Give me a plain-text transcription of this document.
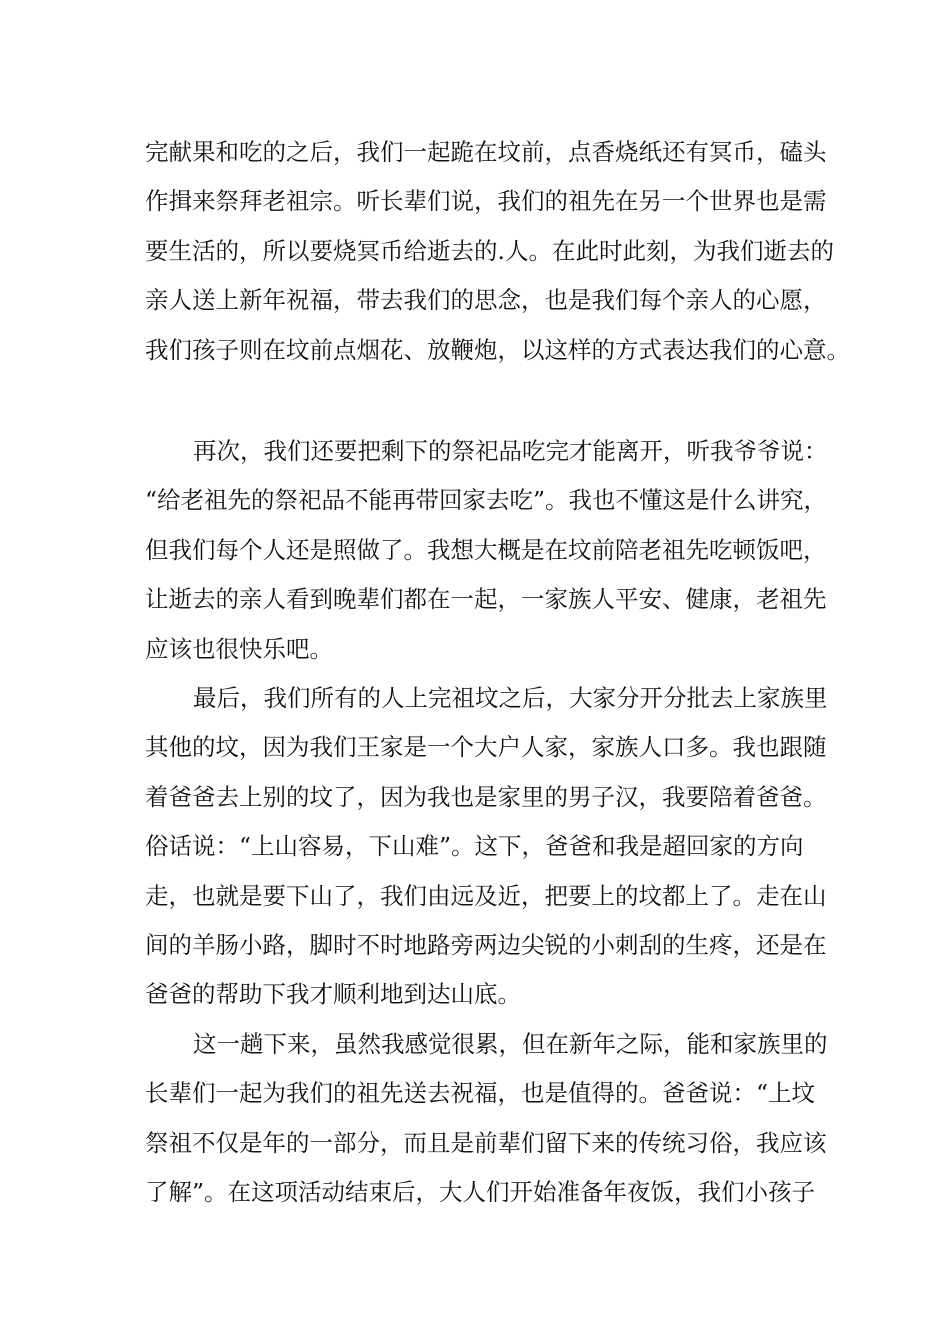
完献果和吃的之后，我们一起跪在坟前，点香烧纸还有冥币，磕头
作揖来祭拜老祖宗。听长辈们说，我们的祖先在另一个世界也是需
要生活的，所以要烧冥币给逝去的.人。在此时此刻，为我们逝去的
亲人送上新年祝福，带去我们的思念，也是我们每个亲人的心愿，
我们孩子则在坟前点烟花、放鞭炮，以这样的方式表达我们的心意。
再次，我们还要把剩下的祭祀品吃完才能离开，听我爷爷说：
“给老祖先的祭祀品不能再带回家去吃”。我也不懂这是什么讲究，
但我们每个人还是照做了。我想大概是在坟前陪老祖先吃顿饭吧，
让逝去的亲人看到晚辈们都在一起，一家族人平安、健康，老祖先
应该也很快乐吧。
最后，我们所有的人上完祖坟之后，大家分开分批去上家族里
其他的坟，因为我们王家是一个大户人家，家族人口多。我也跟随
着爸爸去上别的坟了，因为我也是家里的男子汉，我要陪着爸爸。
俗话说：“上山容易，下山难”。这下，爸爸和我是超回家的方向
走，也就是要下山了，我们由远及近，把要上的坟都上了。走在山
间的羊肠小路，脚时不时地路旁两边尖锐的小刺刮的生疼，还是在
爸爸的帮助下我才顺利地到达山底。
这一趟下来，虽然我感觉很累，但在新年之际，能和家族里的
长辈们一起为我们的祖先送去祝福，也是值得的。爸爸说：“上坟
祭祖不仅是年的一部分，而且是前辈们留下来的传统习俗，我应该
了解”。在这项活动结束后，大人们开始准备年夜饭，我们小孩子
